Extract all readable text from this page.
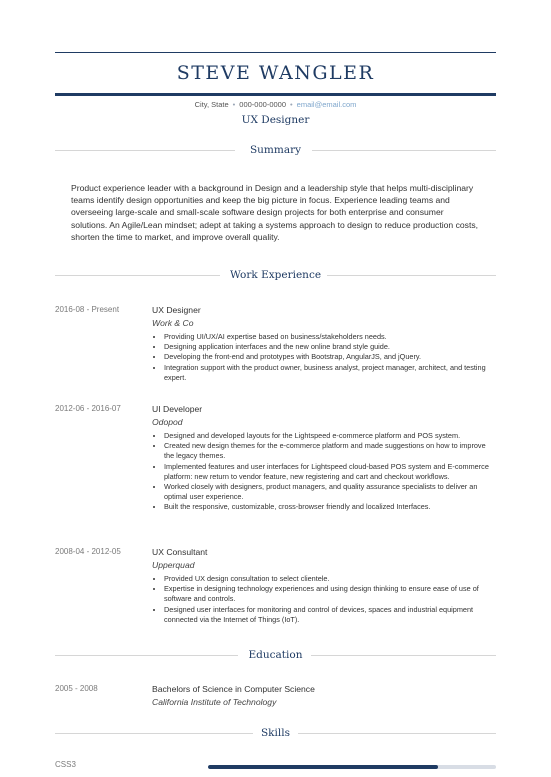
STEVE WANGLER
City, State • 000-000-0000 • email@email.com
UX Designer
Summary
Product experience leader with a background in Design and a leadership style that helps multi-disciplinary teams identify design opportunities and keep the big picture in focus. Experience leading teams and overseeing large-scale and small-scale software design projects for both enterprise and consumer solutions. An Agile/Lean mindset; adept at taking a systems approach to design to reduce production costs, shorten the time to market, and improve overall quality.
Work Experience
2016-08 - Present	UX Designer
Work & Co
• Providing UI/UX/AI expertise based on business/stakeholders needs.
• Designing application interfaces and the new online brand style guide.
• Developing the front-end and prototypes with Bootstrap, AngularJS, and jQuery.
• Integration support with the product owner, business analyst, project manager, architect, and testing expert.
2012-06 - 2016-07	UI Developer
Odopod
• Designed and developed layouts for the Lightspeed e-commerce platform and POS system.
• Created new design themes for the e-commerce platform and made suggestions on how to improve the legacy themes.
• Implemented features and user interfaces for Lightspeed cloud-based POS system and E-commerce platform: new return to vendor feature, new registering and cart and checkout workflows.
• Worked closely with designers, product managers, and quality assurance specialists to deliver an optimal user experience.
• Built the responsive, customizable, cross-browser friendly and localized Interfaces.
2008-04 - 2012-05	UX Consultant
Upperquad
• Provided UX design consultation to select clientele.
• Expertise in designing technology experiences and using design thinking to ensure ease of use of software and controls.
• Designed user interfaces for monitoring and control of devices, spaces and industrial equipment connected via the Internet of Things (IoT).
Education
2005 - 2008	Bachelors of Science in Computer Science
California Institute of Technology
Skills
CSS3
